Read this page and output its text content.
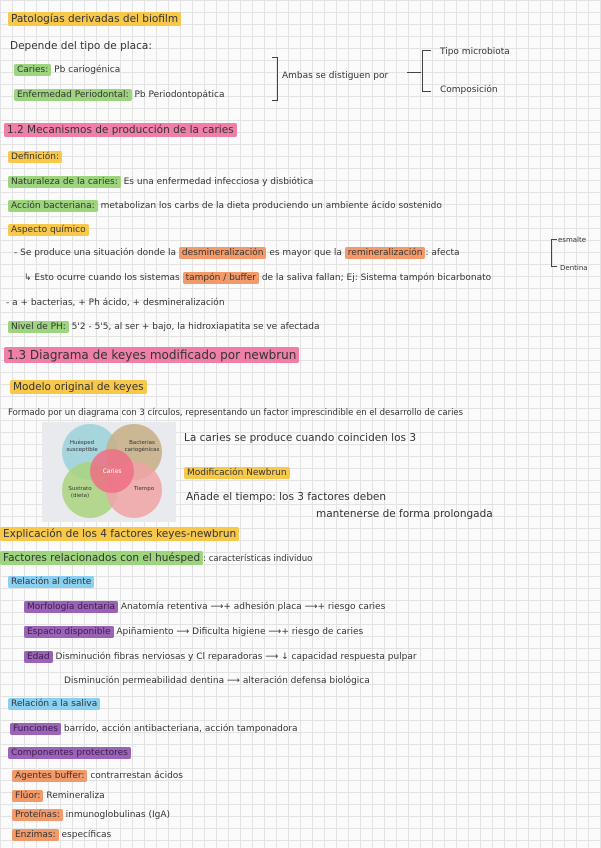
Patologías derivadas del biofilm
Depende del tipo de placa:
Caries: Pb cariogénica
Enfermedad Periodontal: Pb Periodontopática
Ambas se distiguen por
Tipo microbiota
Composición
1.2 Mecanismos de producción de la caries
Definición:
Naturaleza de la caries: Es una enfermedad infecciosa y disbiótica
Acción bacteriana: metabolizan los carbs de la dieta produciendo un ambiente ácido sostenido
Aspecto químico
- Se produce una situación donde la desmineralización es mayor que la remineralización : afecta
esmalte
Dentina
↳ Esto ocurre cuando los sistemas tampón / buffer de la saliva fallan; Ej: Sistema tampón bicarbonato
- a + bacterias, + Ph ácido, + desmineralización
Nivel de PH: 5'2 - 5'5, al ser + bajo, la hidroxiapatita se ve afectada
1.3 Diagrama de keyes modificado por newbrun
Modelo original de keyes
Formado por un diagrama con 3 círculos, representando un factor imprescindible en el desarrollo de caries
Huésped
susceptible
Bacterias
cariogénicas
Caries
Sustrato
(dieta)
Tiempo
La caries se produce cuando coinciden los 3
Modificación Newbrun
Añade el tiempo: los 3 factores deben
mantenerse de forma prolongada
Explicación de los 4 factores keyes-newbrun
Factores relacionados con el huésped : características individuo
Relación al diente
Morfología dentaria Anatomía retentiva ⟶+ adhesión placa ⟶+ riesgo caries
Espacio disponible Apiñamiento ⟶ Dificulta higiene ⟶+ riesgo de caries
Edad Disminución fibras nerviosas y Cl reparadoras ⟶ ↓ capacidad respuesta pulpar
Disminución permeabilidad dentina ⟶ alteración defensa biológica
Relación a la saliva
Funciones barrido, acción antibacteriana, acción tamponadora
Componentes protectores
Agentes buffer: contrarrestan ácidos
Flúor: Remineraliza
Proteínas: inmunoglobulinas (IgA)
Enzimas: específicas
